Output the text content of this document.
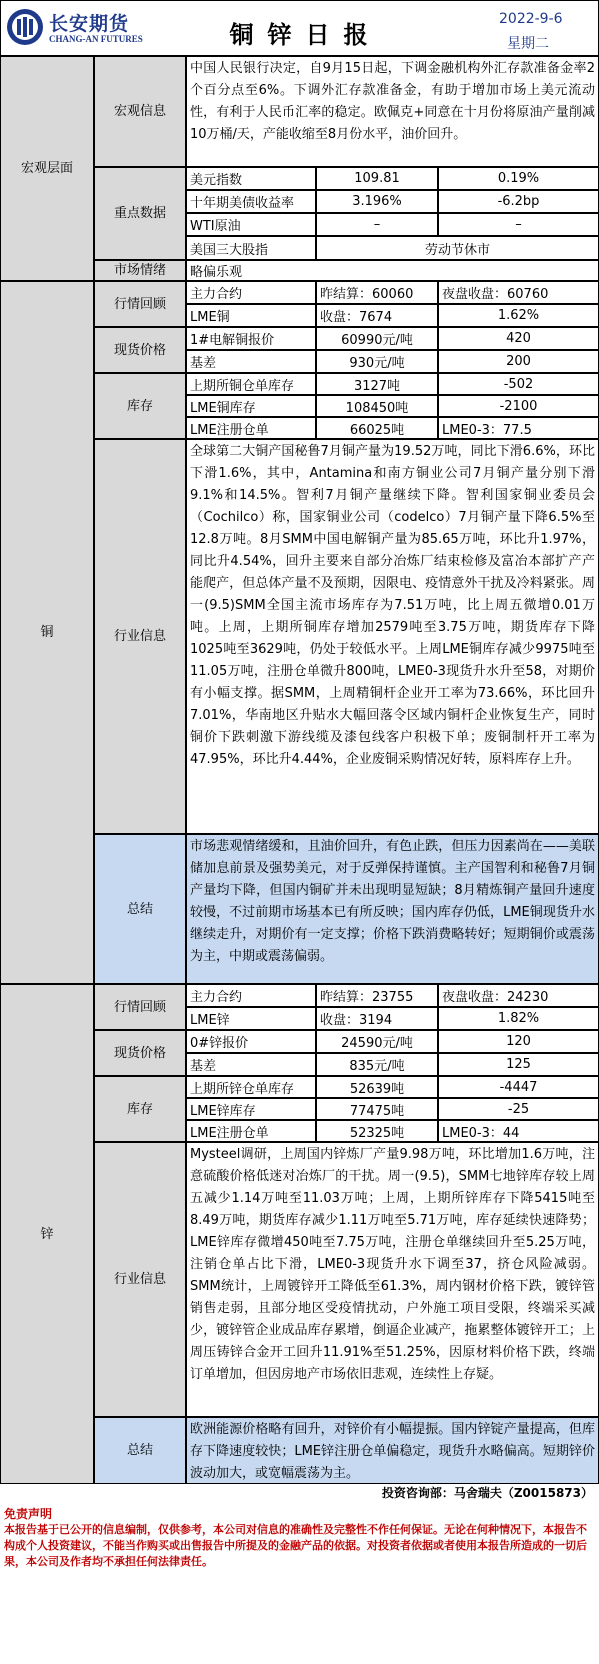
长安期货
CHANG-AN FUTURES	铜锌日报
2022-9-6
星期二
宏观层面
宏观信息
中国人民银行决定，自9月15日起，下调金融机构外汇存款准备金率2个百分点至6%。下调外汇存款准备金，有助于增加市场上美元流动性，有利于人民币汇率的稳定。欧佩克+同意在十月份将原油产量削减10万桶/天，产能收缩至8月份水平，油价回升。
重点数据
美元指数	109.81	0.19%
十年期美债收益率	3.196%	-6.2bp
WTI原油	–	–
美国三大股指	劳动节休市
市场情绪	略偏乐观
铜
行情回顾
主力合约	昨结算：60060	夜盘收盘：60760
LME铜	收盘：7674	1.62%
现货价格
1#电解铜报价	60990元/吨	420
基差	930元/吨	200
库存
上期所铜仓单库存	3127吨	-502
LME铜库存	108450吨	-2100
LME注册仓单	66025吨	LME0-3：77.5
行业信息
全球第二大铜产国秘鲁7月铜产量为19.52万吨，同比下滑6.6%，环比下滑1.6%，其中，Antamina和南方铜业公司7月铜产量分别下滑9.1%和14.5%。智利7月铜产量继续下降。智利国家铜业委员会（Cochilco）称，国家铜业公司（codelco）7月铜产量下降6.5%至12.8万吨。8月SMM中国电解铜产量为85.65万吨，环比升1.97%，同比升4.54%，回升主要来自部分冶炼厂结束检修及富冶本部扩产产能爬产，但总体产量不及预期，因限电、疫情意外干扰及冷料紧张。周一(9.5)SMM全国主流市场库存为7.51万吨，比上周五微增0.01万吨。上周，上期所铜库存增加2579吨至3.75万吨，期货库存下降1025吨至3629吨，仍处于较低水平。上周LME铜库存减少9975吨至11.05万吨，注册仓单微升800吨，LME0-3现货升水升至58，对期价有小幅支撑。据SMM，上周精铜杆企业开工率为73.66%，环比回升7.01%，华南地区升贴水大幅回落令区域内铜杆企业恢复生产，同时铜价下跌刺激下游线缆及漆包线客户积极下单；废铜制杆开工率为47.95%，环比升4.44%，企业废铜采购情况好转，原料库存上升。
总结
市场悲观情绪缓和，且油价回升，有色止跌，但压力因素尚在——美联储加息前景及强势美元，对于反弹保持谨慎。主产国智利和秘鲁7月铜产量均下降，但国内铜矿并未出现明显短缺；8月精炼铜产量回升速度较慢，不过前期市场基本已有所反映；国内库存仍低，LME铜现货升水继续走升，对期价有一定支撑；价格下跌消费略转好；短期铜价或震荡为主，中期或震荡偏弱。
锌
行情回顾
主力合约	昨结算：23755	夜盘收盘：24230
LME锌	收盘：3194	1.82%
现货价格
0#锌报价	24590元/吨	120
基差	835元/吨	125
库存
上期所锌仓单库存	52639吨	-4447
LME锌库存	77475吨	-25
LME注册仓单	52325吨	LME0-3：44
行业信息
Mysteel调研，上周国内锌炼厂产量9.98万吨，环比增加1.6万吨，注意硫酸价格低迷对冶炼厂的干扰。周一(9.5)，SMM七地锌库存较上周五减少1.14万吨至11.03万吨；上周，上期所锌库存下降5415吨至8.49万吨，期货库存减少1.11万吨至5.71万吨，库存延续快速降势；LME锌库存微增450吨至7.75万吨，注册仓单继续回升至5.25万吨，注销仓单占比下滑，LME0-3现货升水下调至37，挤仓风险减弱。SMM统计，上周镀锌开工降低至61.3%，周内钢材价格下跌，镀锌管销售走弱，且部分地区受疫情扰动，户外施工项目受限，终端采买减少，镀锌管企业成品库存累增，倒逼企业减产，拖累整体镀锌开工；上周压铸锌合金开工回升11.91%至51.25%，因原材料价格下跌，终端订单增加，但因房地产市场依旧悲观，连续性上存疑。
总结
欧洲能源价格略有回升，对锌价有小幅提振。国内锌锭产量提高，但库存下降速度较快；LME锌注册仓单偏稳定，现货升水略偏高。短期锌价波动加大，或宽幅震荡为主。
投资咨询部：马舍瑞夫（Z0015873）
免责声明
本报告基于已公开的信息编制，仅供参考，本公司对信息的准确性及完整性不作任何保证。无论在何种情况下，本报告不构成个人投资建议，不能当作购买或出售报告中所提及的金融产品的依据。对投资者依据或者使用本报告所造成的一切后果，本公司及作者均不承担任何法律责任。
